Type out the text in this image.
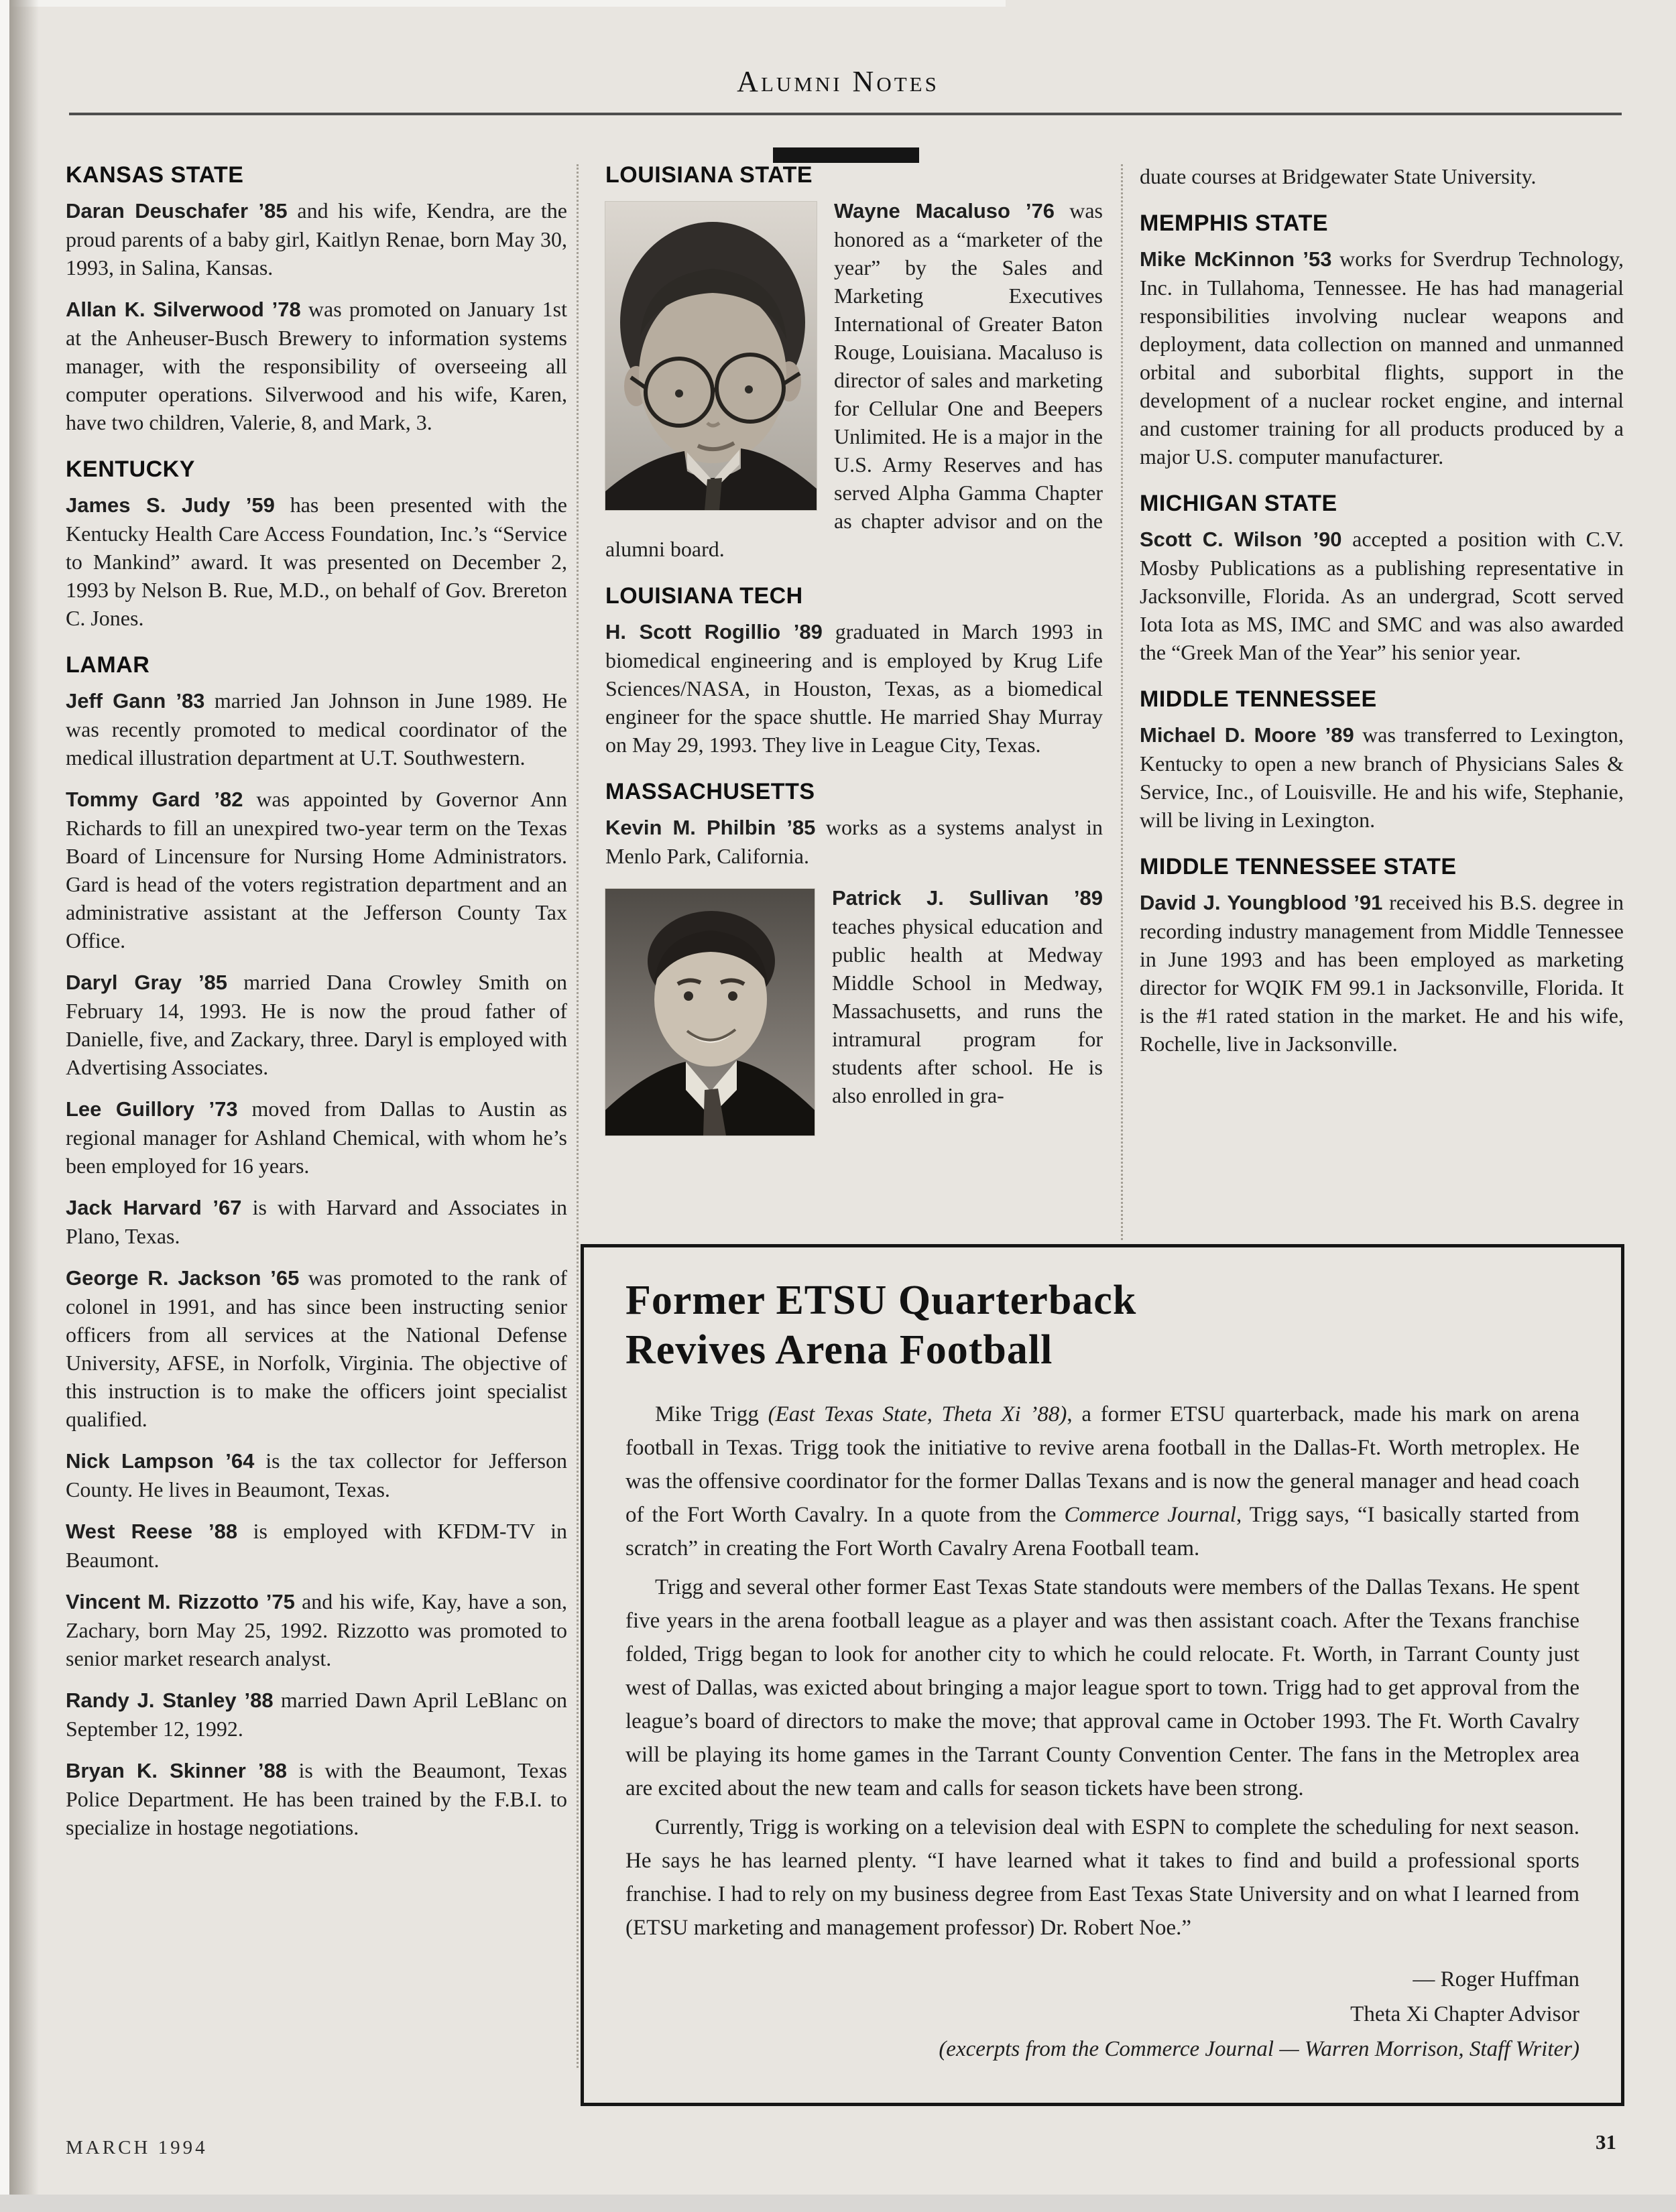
Alumni Notes
KANSAS STATE

Daran Deuschafer ’85 and his wife, Kendra, are the proud parents of a baby girl, Kaitlyn Renae, born May 30, 1993, in Salina, Kansas.

Allan K. Silverwood ’78 was promoted on January 1st at the Anheuser-Busch Brewery to information systems manager, with the responsibility of overseeing all computer operations. Silverwood and his wife, Karen, have two children, Valerie, 8, and Mark, 3.

KENTUCKY

James S. Judy ’59 has been presented with the Kentucky Health Care Access Foundation, Inc.’s “Service to Mankind” award. It was presented on December 2, 1993 by Nelson B. Rue, M.D., on behalf of Gov. Brereton C. Jones.

LAMAR

Jeff Gann ’83 married Jan Johnson in June 1989. He was recently promoted to medical coordinator of the medical illustration department at U.T. Southwestern.

Tommy Gard ’82 was appointed by Governor Ann Richards to fill an unexpired two-year term on the Texas Board of Lincensure for Nursing Home Administrators. Gard is head of the voters registration department and an administrative assistant at the Jefferson County Tax Office.

Daryl Gray ’85 married Dana Crowley Smith on February 14, 1993. He is now the proud father of Danielle, five, and Zackary, three. Daryl is employed with Advertising Associates.

Lee Guillory ’73 moved from Dallas to Austin as regional manager for Ashland Chemical, with whom he’s been employed for 16 years.

Jack Harvard ’67 is with Harvard and Associates in Plano, Texas.

George R. Jackson ’65 was promoted to the rank of colonel in 1991, and has since been instructing senior officers from all services at the National Defense University, AFSE, in Norfolk, Virginia. The objective of this instruction is to make the officers joint specialist qualified.

Nick Lampson ’64 is the tax collector for Jefferson County. He lives in Beaumont, Texas.

West Reese ’88 is employed with KFDM-TV in Beaumont.

Vincent M. Rizzotto ’75 and his wife, Kay, have a son, Zachary, born May 25, 1992. Rizzotto was promoted to senior market research analyst.

Randy J. Stanley ’88 married Dawn April LeBlanc on September 12, 1992.

Bryan K. Skinner ’88 is with the Beaumont, Texas Police Department. He has been trained by the F.B.I. to specialize in hostage negotiations.

LOUISIANA STATE

Wayne Macaluso ’76 was honored as a “marketer of the year” by the Sales and Marketing Executives International of Greater Baton Rouge, Louisiana. Macaluso is director of sales and marketing for Cellular One and Beepers Unlimited. He is a major in the U.S. Army Reserves and has served Alpha Gamma Chapter as chapter advisor and on the alumni board.

LOUISIANA TECH

H. Scott Rogillio ’89 graduated in March 1993 in biomedical engineering and is employed by Krug Life Sciences/NASA, in Houston, Texas, as a biomedical engineer for the space shuttle. He married Shay Murray on May 29, 1993. They live in League City, Texas.

MASSACHUSETTS

Kevin M. Philbin ’85 works as a systems analyst in Menlo Park, California.

Patrick J. Sullivan ’89 teaches physical education and public health at Medway Middle School in Medway, Massachusetts, and runs the intramural program for students after school. He is also enrolled in gra-

duate courses at Bridgewater State University.

MEMPHIS STATE

Mike McKinnon ’53 works for Sverdrup Technology, Inc. in Tullahoma, Tennessee. He has had managerial responsibilities involving nuclear weapons and deployment, data collection on manned and unmanned orbital and suborbital flights, support in the development of a nuclear rocket engine, and internal and customer training for all products produced by a major U.S. computer manufacturer.

MICHIGAN STATE

Scott C. Wilson ’90 accepted a position with C.V. Mosby Publications as a publishing representative in Jacksonville, Florida. As an undergrad, Scott served Iota Iota as MS, IMC and SMC and was also awarded the “Greek Man of the Year” his senior year.

MIDDLE TENNESSEE

Michael D. Moore ’89 was transferred to Lexington, Kentucky to open a new branch of Physicians Sales & Service, Inc., of Louisville. He and his wife, Stephanie, will be living in Lexington.

MIDDLE TENNESSEE STATE

David J. Youngblood ’91 received his B.S. degree in recording industry management from Middle Tennessee in June 1993 and has been employed as marketing director for WQIK FM 99.1 in Jacksonville, Florida. It is the #1 rated station in the market. He and his wife, Rochelle, live in Jacksonville.

Former ETSU Quarterback
Revives Arena Football

Mike Trigg (East Texas State, Theta Xi ’88), a former ETSU quarterback, made his mark on arena football in Texas. Trigg took the initiative to revive arena football in the Dallas-Ft. Worth metroplex. He was the offensive coordinator for the former Dallas Texans and is now the general manager and head coach of the Fort Worth Cavalry. In a quote from the Commerce Journal, Trigg says, “I basically started from scratch” in creating the Fort Worth Cavalry Arena Football team.

Trigg and several other former East Texas State standouts were members of the Dallas Texans. He spent five years in the arena football league as a player and was then assistant coach. After the Texans franchise folded, Trigg began to look for another city to which he could relocate. Ft. Worth, in Tarrant County just west of Dallas, was exicted about bringing a major league sport to town. Trigg had to get approval from the league’s board of directors to make the move; that approval came in October 1993. The Ft. Worth Cavalry will be playing its home games in the Tarrant County Convention Center. The fans in the Metroplex area are excited about the new team and calls for season tickets have been strong.

Currently, Trigg is working on a television deal with ESPN to complete the scheduling for next season. He says he has learned plenty. “I have learned what it takes to find and build a professional sports franchise. I had to rely on my business degree from East Texas State University and on what I learned from (ETSU marketing and management professor) Dr. Robert Noe.”

— Roger Huffman
Theta Xi Chapter Advisor
(excerpts from the Commerce Journal — Warren Morrison, Staff Writer)
MARCH 1994	31
